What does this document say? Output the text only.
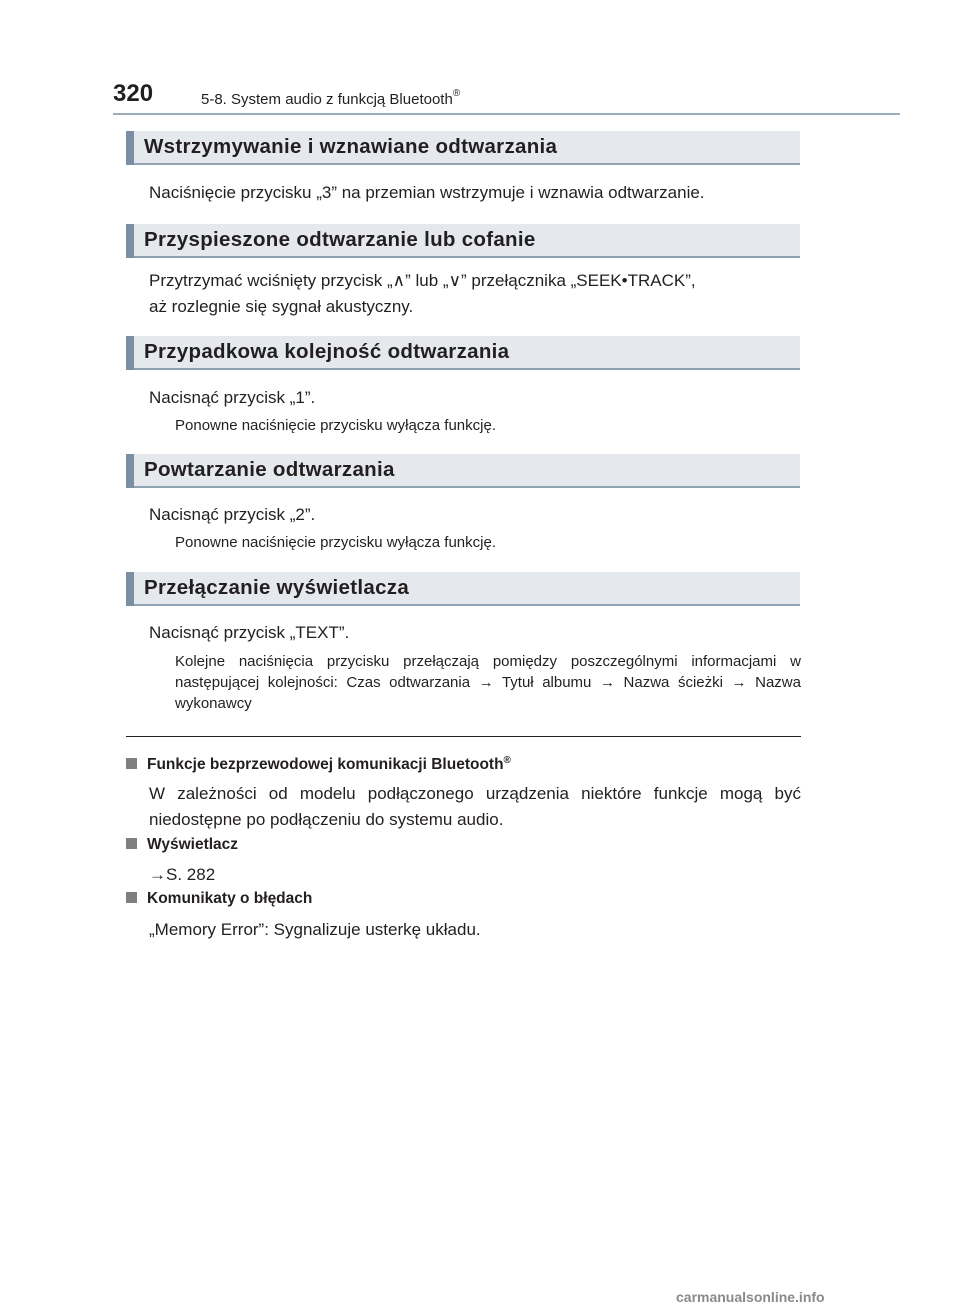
320	5-8. System audio z funkcją Bluetooth®
Wstrzymywanie i wznawiane odtwarzania
Naciśnięcie przycisku „3” na przemian wstrzymuje i wznawia odtwarzanie.
Przyspieszone odtwarzanie lub cofanie
Przytrzymać wciśnięty przycisk „∧” lub „∨” przełącznika „SEEK•TRACK”,
aż rozlegnie się sygnał akustyczny.
Przypadkowa kolejność odtwarzania
Nacisnąć przycisk „1”.
Ponowne naciśnięcie przycisku wyłącza funkcję.
Powtarzanie odtwarzania
Nacisnąć przycisk „2”.
Ponowne naciśnięcie przycisku wyłącza funkcję.
Przełączanie wyświetlacza
Nacisnąć przycisk „TEXT”.
Kolejne naciśnięcia przycisku przełączają pomiędzy poszczególnymi informacjami w następującej kolejności: Czas odtwarzania → Tytuł albumu → Nazwa ścieżki → Nazwa wykonawcy
Funkcje bezprzewodowej komunikacji Bluetooth®
W zależności od modelu podłączonego urządzenia niektóre funkcje mogą być niedostępne po podłączeniu do systemu audio.
Wyświetlacz
→S. 282
Komunikaty o błędach
„Memory Error”: Sygnalizuje usterkę układu.
carmanualsonline.info
